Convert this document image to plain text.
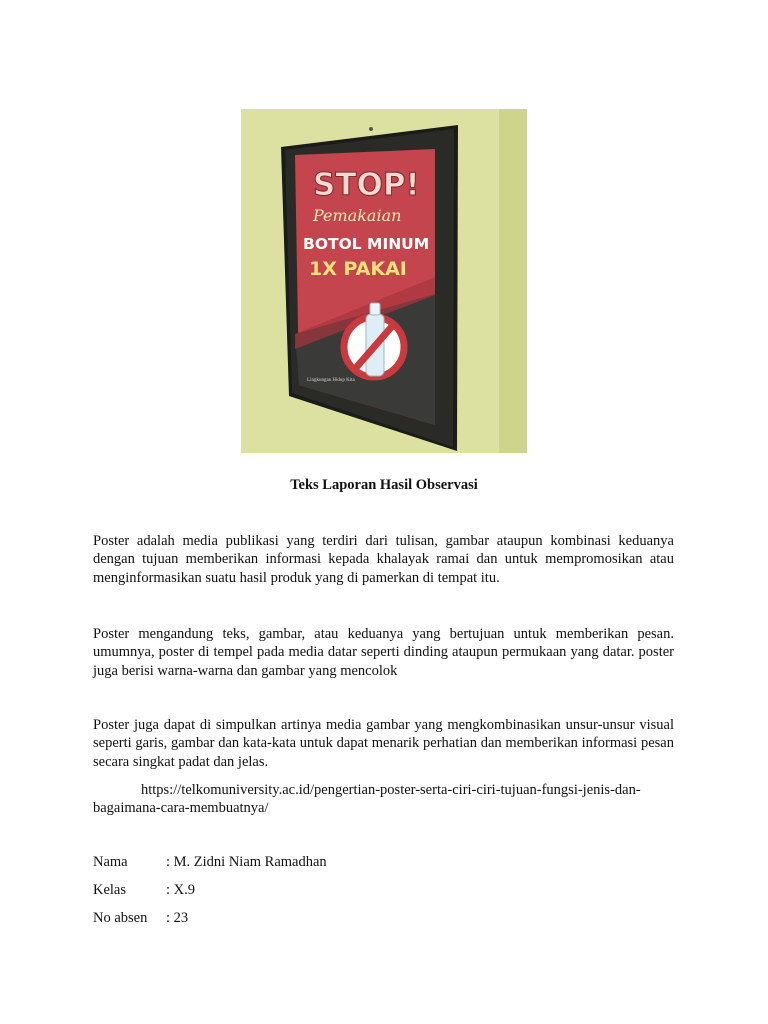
STOP!
Pemakaian
BOTOL MINUM
1X PAKAI
Lingkungan Hidup Kita
Teks Laporan Hasil Observasi

Poster adalah media publikasi yang terdiri dari tulisan, gambar ataupun kombinasi keduanya dengan tujuan memberikan informasi kepada khalayak ramai dan untuk mempromosikan atau menginformasikan suatu hasil produk yang di pamerkan di tempat itu.

Poster mengandung teks, gambar, atau keduanya yang bertujuan untuk memberikan pesan. umumnya, poster di tempel pada media datar seperti dinding ataupun permukaan yang datar. poster juga berisi warna-warna dan gambar yang mencolok

Poster juga dapat di simpulkan artinya media gambar yang mengkombinasikan unsur-unsur visual seperti garis, gambar dan kata-kata untuk dapat menarik perhatian dan memberikan informasi pesan secara singkat padat dan jelas.

https://telkomuniversity.ac.id/pengertian-poster-serta-ciri-ciri-tujuan-fungsi-jenis-dan-bagaimana-cara-membuatnya/

Nama	: M. Zidni Niam Ramadhan
Kelas	: X.9
No absen : 23
